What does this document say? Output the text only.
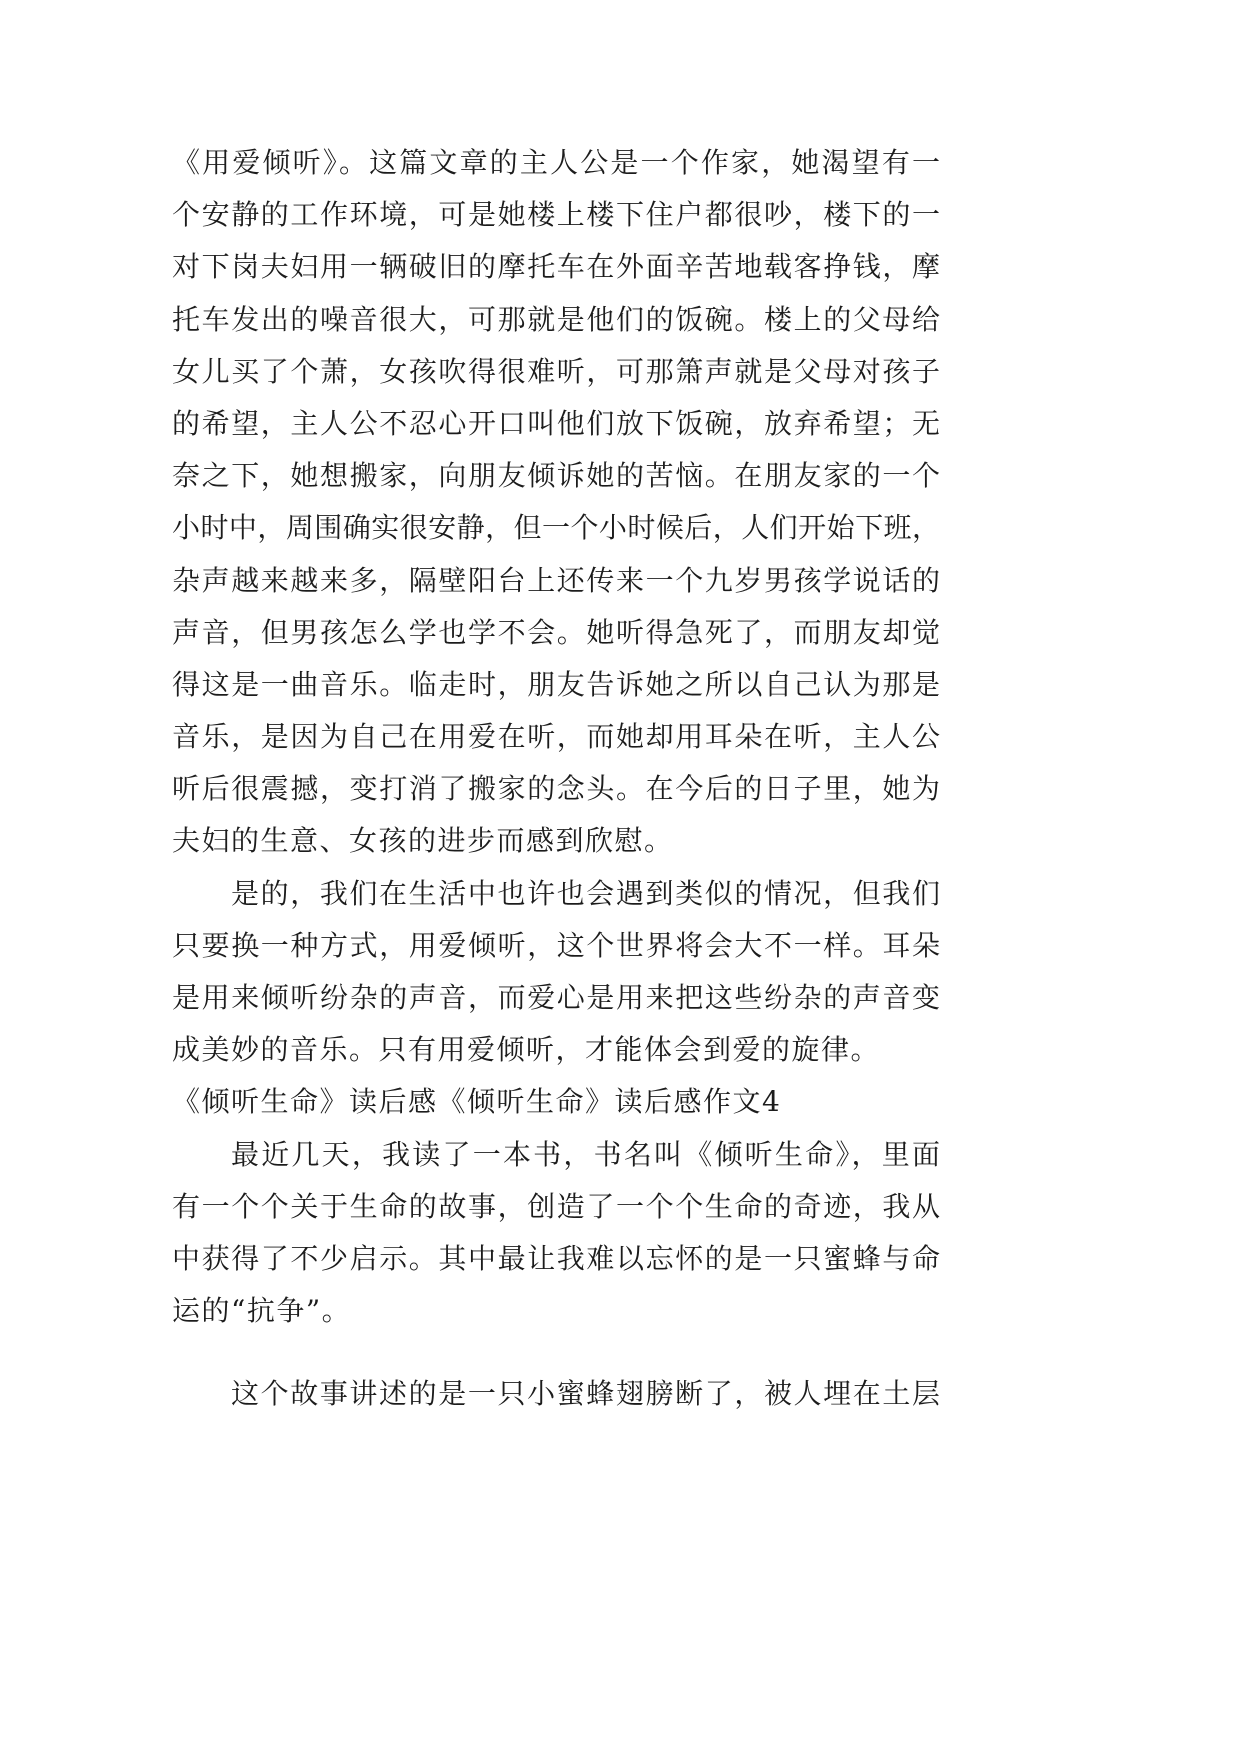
《用爱倾听》。这篇文章的主人公是一个作家，她渴望有一
个安静的工作环境，可是她楼上楼下住户都很吵，楼下的一
对下岗夫妇用一辆破旧的摩托车在外面辛苦地载客挣钱，摩
托车发出的噪音很大，可那就是他们的饭碗。楼上的父母给
女儿买了个萧，女孩吹得很难听，可那箫声就是父母对孩子
的希望，主人公不忍心开口叫他们放下饭碗，放弃希望；无
奈之下，她想搬家，向朋友倾诉她的苦恼。在朋友家的一个
小时中，周围确实很安静，但一个小时候后，人们开始下班，
杂声越来越来多，隔壁阳台上还传来一个九岁男孩学说话的
声音，但男孩怎么学也学不会。她听得急死了，而朋友却觉
得这是一曲音乐。临走时，朋友告诉她之所以自己认为那是
音乐，是因为自己在用爱在听，而她却用耳朵在听，主人公
听后很震撼，变打消了搬家的念头。在今后的日子里，她为
夫妇的生意、女孩的进步而感到欣慰。
是的，我们在生活中也许也会遇到类似的情况，但我们
只要换一种方式，用爱倾听，这个世界将会大不一样。耳朵
是用来倾听纷杂的声音，而爱心是用来把这些纷杂的声音变
成美妙的音乐。只有用爱倾听，才能体会到爱的旋律。
《倾听生命》读后感《倾听生命》读后感作文4
最近几天，我读了一本书，书名叫《倾听生命》，里面
有一个个关于生命的故事，创造了一个个生命的奇迹，我从
中获得了不少启示。其中最让我难以忘怀的是一只蜜蜂与命
运的“抗争”。
这个故事讲述的是一只小蜜蜂翅膀断了，被人埋在土层
